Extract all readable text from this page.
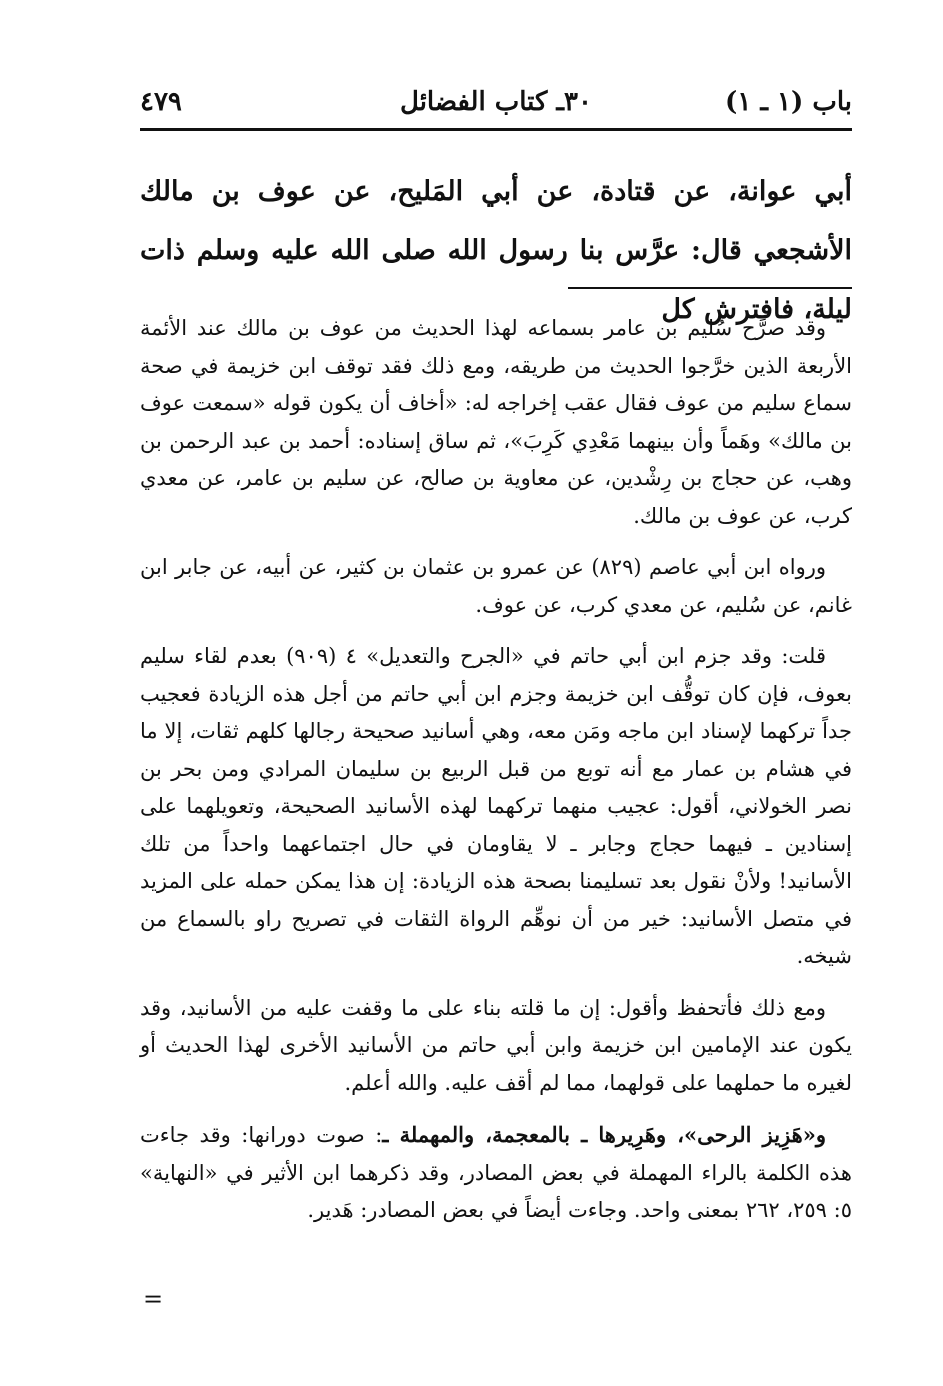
باب (١ ـ ١)
٣٠ـ كتاب الفضائل
٤٧٩

أبي عوانة، عن قتادة، عن أبي المَليح، عن عوف بن مالك الأشجعي قال: عرَّس بنا رسول الله صلى الله عليه وسلم ذات ليلة، فافترش كل

وقد صرَّح سُليم بن عامر بسماعه لهذا الحديث من عوف بن مالك عند الأئمة الأربعة الذين خرَّجوا الحديث من طريقه، ومع ذلك فقد توقف ابن خزيمة في صحة سماع سليم من عوف فقال عقب إخراجه له: «أخاف أن يكون قوله «سمعت عوف بن مالك» وهَماً وأن بينهما مَعْدِي كَرِبَ»، ثم ساق إسناده: أحمد بن عبد الرحمن بن وهب، عن حجاج بن رِشْدين، عن معاوية بن صالح، عن سليم بن عامر، عن معدي كرب، عن عوف بن مالك.

ورواه ابن أبي عاصم (٨٢٩) عن عمرو بن عثمان بن كثير، عن أبيه، عن جابر ابن غانم، عن سُليم، عن معدي كرب، عن عوف.

قلت: وقد جزم ابن أبي حاتم في «الجرح والتعديل» ٤ (٩٠٩) بعدم لقاء سليم بعوف، فإن كان توقُّف ابن خزيمة وجزم ابن أبي حاتم من أجل هذه الزيادة فعجيب جداً تركهما لإسناد ابن ماجه ومَن معه، وهي أسانيد صحيحة رجالها كلهم ثقات، إلا ما في هشام بن عمار مع أنه توبع من قبل الربيع بن سليمان المرادي ومن بحر بن نصر الخولاني، أقول: عجيب منهما تركهما لهذه الأسانيد الصحيحة، وتعويلهما على إسنادين ـ فيهما حجاج وجابر ـ لا يقاومان في حال اجتماعهما واحداً من تلك الأسانيد! ولأنْ نقول بعد تسليمنا بصحة هذه الزيادة: إن هذا يمكن حمله على المزيد في متصل الأسانيد: خير من أن نوهِّم الرواة الثقات في تصريح راو بالسماع من شيخه.

ومع ذلك فأتحفظ وأقول: إن ما قلته بناء على ما وقفت عليه من الأسانيد، وقد يكون عند الإمامين ابن خزيمة وابن أبي حاتم من الأسانيد الأخرى لهذا الحديث أو لغيره ما حملهما على قولهما، مما لم أقف عليه. والله أعلم.

و«هَزِيز الرحى»، وهَرِيرها ـ بالمعجمة، والمهملة ـ: صوت دورانها: وقد جاءت هذه الكلمة بالراء المهملة في بعض المصادر، وقد ذكرهما ابن الأثير في «النهاية» ٥: ٢٥٩، ٢٦٢ بمعنى واحد. وجاءت أيضاً في بعض المصادر: هَدير.

=
